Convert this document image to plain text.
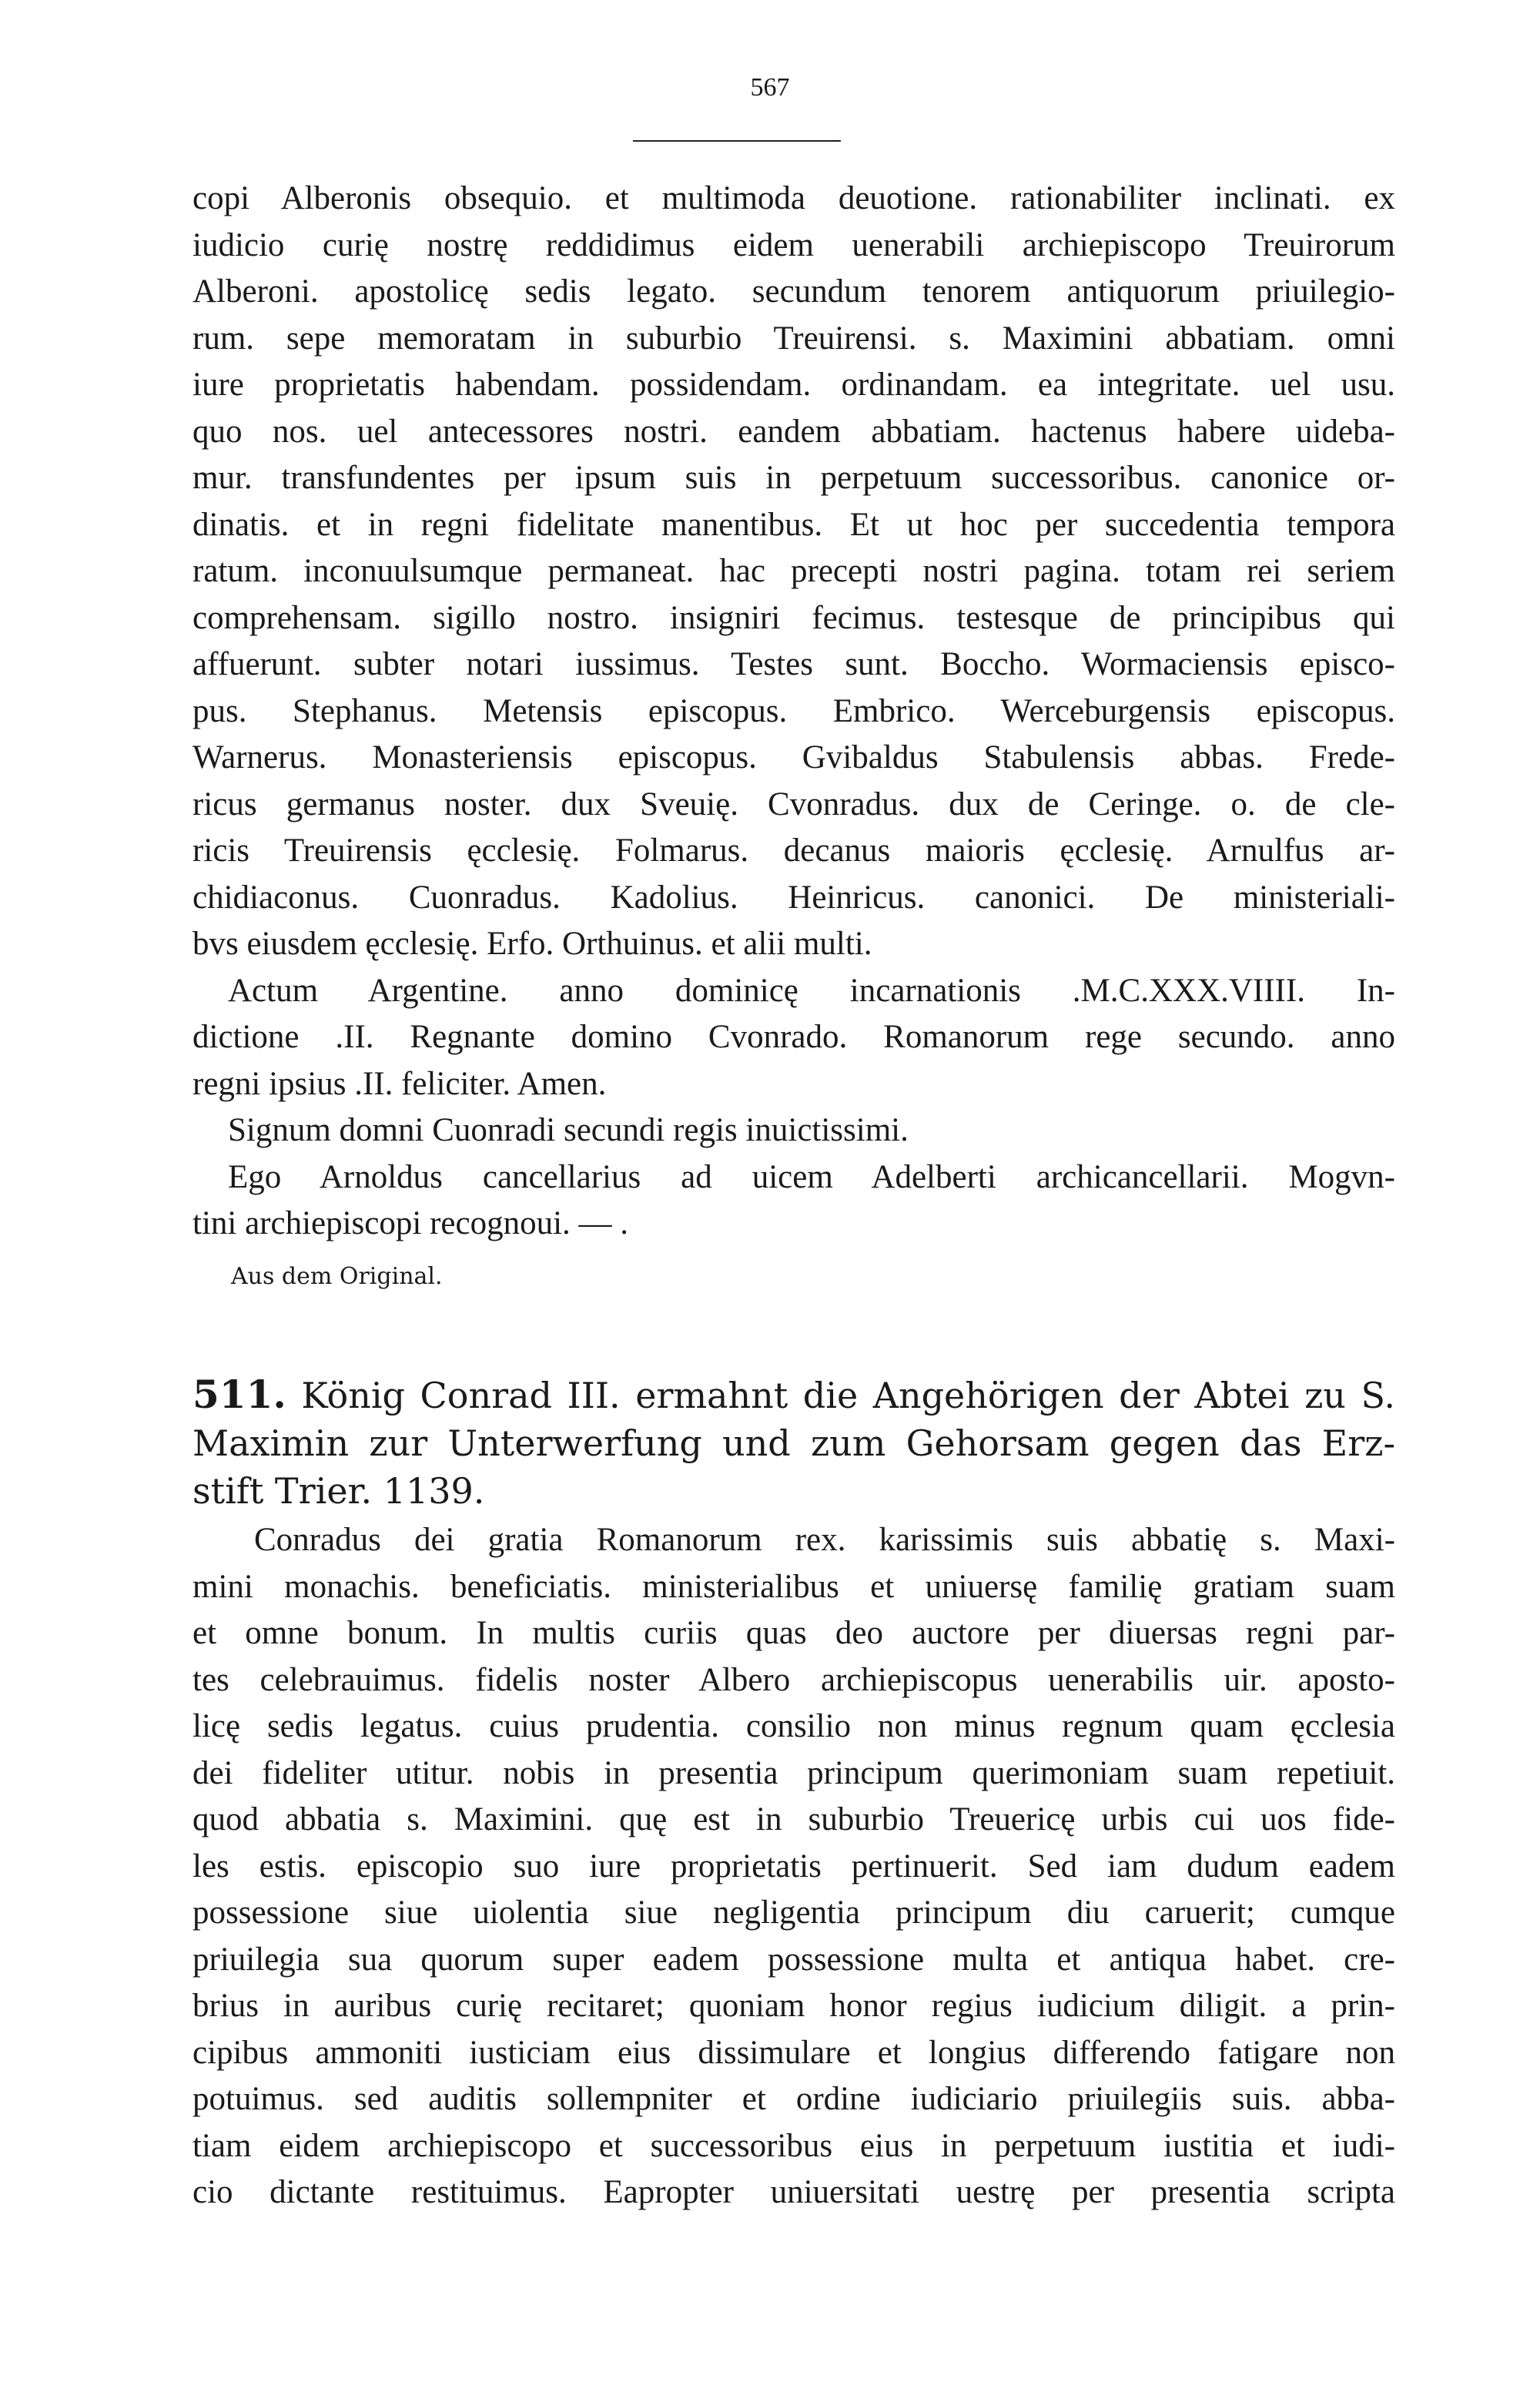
567
copi Alberonis obsequio. et multimoda deuotione. rationabiliter inclinati. ex
iudicio curię nostrę reddidimus eidem uenerabili archiepiscopo Treuirorum
Alberoni. apostolicę sedis legato. secundum tenorem antiquorum priuilegio-
rum. sepe memoratam in suburbio Treuirensi. s. Maximini abbatiam. omni
iure proprietatis habendam. possidendam. ordinandam. ea integritate. uel usu.
quo nos. uel antecessores nostri. eandem abbatiam. hactenus habere uideba-
mur. transfundentes per ipsum suis in perpetuum successoribus. canonice or-
dinatis. et in regni fidelitate manentibus. Et ut hoc per succedentia tempora
ratum. inconuulsumque permaneat. hac precepti nostri pagina. totam rei seriem
comprehensam. sigillo nostro. insigniri fecimus. testesque de principibus qui
affuerunt. subter notari iussimus. Testes sunt. Boccho. Wormaciensis episco-
pus. Stephanus. Metensis episcopus. Embrico. Werceburgensis episcopus.
Warnerus. Monasteriensis episcopus. Gvibaldus Stabulensis abbas. Frede-
ricus germanus noster. dux Sveuię. Cvonradus. dux de Ceringe. o. de cle-
ricis Treuirensis ęcclesię. Folmarus. decanus maioris ęcclesię. Arnulfus ar-
chidiaconus. Cuonradus. Kadolius. Heinricus. canonici. De ministeriali-
bvs eiusdem ęcclesię. Erfo. Orthuinus. et alii multi.
Actum Argentine. anno dominicę incarnationis .M.C.XXX.VIIII. In-
dictione .II. Regnante domino Cvonrado. Romanorum rege secundo. anno
regni ipsius .II. feliciter. Amen.
Signum domni Cuonradi secundi regis inuictissimi.
Ego Arnoldus cancellarius ad uicem Adelberti archicancellarii. Mogvn-
tini archiepiscopi recognoui. — .
Aus dem Original.
511. König Conrad III. ermahnt die Angehörigen der Abtei zu S.
Maximin zur Unterwerfung und zum Gehorsam gegen das Erz-
stift Trier. 1139.
Conradus dei gratia Romanorum rex. karissimis suis abbatię s. Maxi-
mini monachis. beneficiatis. ministerialibus et uniuersę familię gratiam suam
et omne bonum. In multis curiis quas deo auctore per diuersas regni par-
tes celebrauimus. fidelis noster Albero archiepiscopus uenerabilis uir. aposto-
licę sedis legatus. cuius prudentia. consilio non minus regnum quam ęcclesia
dei fideliter utitur. nobis in presentia principum querimoniam suam repetiuit.
quod abbatia s. Maximini. quę est in suburbio Treuericę urbis cui uos fide-
les estis. episcopio suo iure proprietatis pertinuerit. Sed iam dudum eadem
possessione siue uiolentia siue negligentia principum diu caruerit; cumque
priuilegia sua quorum super eadem possessione multa et antiqua habet. cre-
brius in auribus curię recitaret; quoniam honor regius iudicium diligit. a prin-
cipibus ammoniti iusticiam eius dissimulare et longius differendo fatigare non
potuimus. sed auditis sollempniter et ordine iudiciario priuilegiis suis. abba-
tiam eidem archiepiscopo et successoribus eius in perpetuum iustitia et iudi-
cio dictante restituimus. Eapropter uniuersitati uestrę per presentia scripta
